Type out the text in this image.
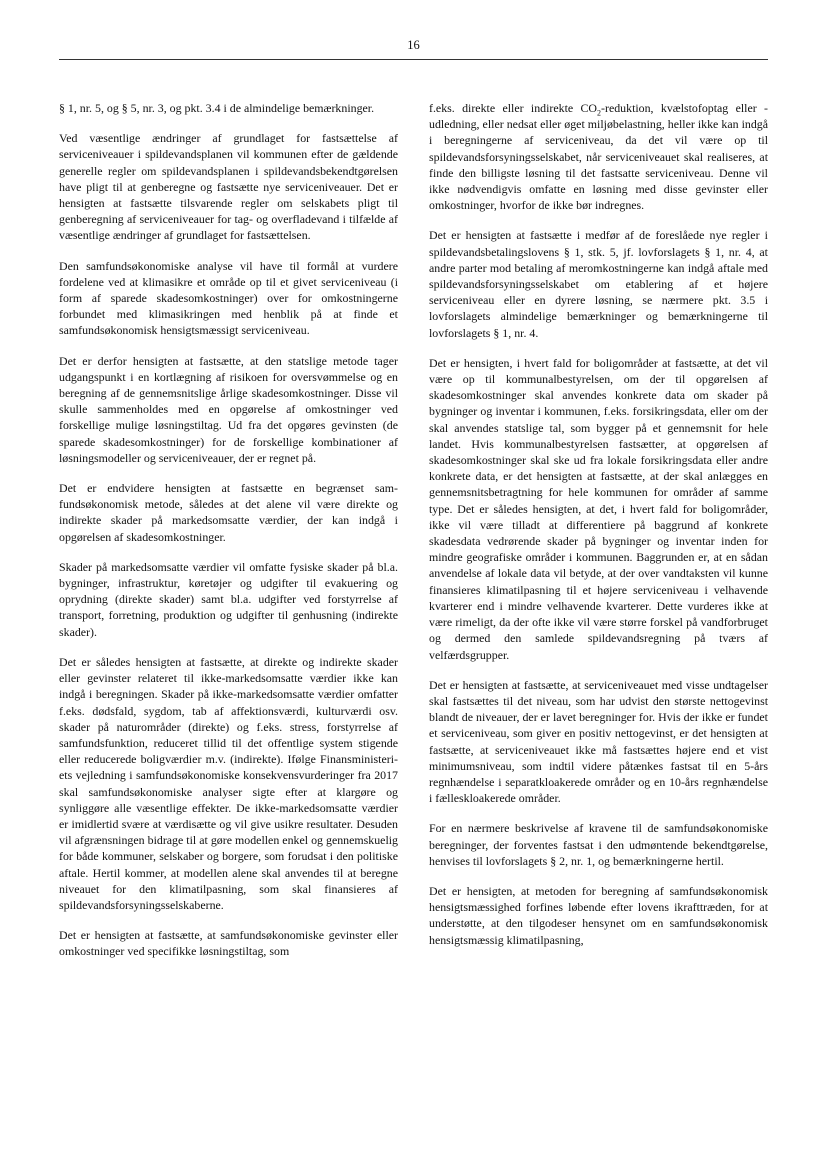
16

§ 1, nr. 5, og § 5, nr. 3, og pkt. 3.4 i de almindelige bemærkninger.

Ved væsentlige ændringer af grundlaget for fastsættelse af serviceniveauer i spildevandsplanen vil kommunen efter de gældende generelle regler om spildevandsplanen i spildevandsbekendtgørelsen have pligt til at genberegne og fastsætte nye serviceniveauer. Det er hensigten at fastsætte tilsvarende regler om selskabets pligt til genberegning af serviceniveauer for tag- og overfladevand i tilfælde af væsentlige ændringer af grundlaget for fastsættelsen.

Den samfundsøkonomiske analyse vil have til formål at vurdere fordelene ved at klimasikre et område op til et givet serviceniveau (i form af sparede skadesomkostninger) over for omkostningerne forbundet med klimasikringen med henblik på at finde et samfundsøkonomisk hensigtsmæssigt serviceniveau.

Det er derfor hensigten at fastsætte, at den statslige metode tager udgangspunkt i en kortlægning af risikoen for oversvømmelse og en beregning af de gennemsnitslige årlige skadesomkostninger. Disse vil skulle sammenholdes med en opgørelse af omkostninger ved forskellige mulige løsningstiltag. Ud fra det opgøres gevinsten (de sparede skadesomkostninger) for de forskellige kombinationer af løsningsmodeller og serviceniveauer, der er regnet på.

Det er endvidere hensigten at fastsætte en begrænset samfundsøkonomisk metode, således at det alene vil være direkte og indirekte skader på markedsomsatte værdier, der kan indgå i opgørelsen af skadesomkostninger.

Skader på markedsomsatte værdier vil omfatte fysiske skader på bl.a. bygninger, infrastruktur, køretøjer og udgifter til evakuering og oprydning (direkte skader) samt bl.a. udgifter ved forstyrrelse af transport, forretning, produktion og udgifter til genhusning (indirekte skader).

Det er således hensigten at fastsætte, at direkte og indirekte skader eller gevinster relateret til ikke-markedsomsatte værdier ikke kan indgå i beregningen. Skader på ikke-markedsomsatte værdier omfatter f.eks. dødsfald, sygdom, tab af affektionsværdi, kulturværdi osv. skader på naturområder (direkte) og f.eks. stress, forstyrrelse af samfundsfunktion, reduceret tillid til det offentlige system stigende eller reducerede boligværdier m.v. (indirekte). Ifølge Finansministeriets vejledning i samfundsøkonomiske konsekvensvurderinger fra 2017 skal samfundsøkonomiske analyser sigte efter at klargøre og synliggøre alle væsentlige effekter. De ikke-markedsomsatte værdier er imidlertid svære at værdisætte og vil give usikre resultater. Desuden vil afgrænsningen bidrage til at gøre modellen enkel og gennemskuelig for både kommuner, selskaber og borgere, som forudsat i den politiske aftale. Hertil kommer, at modellen alene skal anvendes til at beregne niveauet for den klimatilpasning, som skal finansieres af spildevandsforsyningsselskaberne.

Det er hensigten at fastsætte, at samfundsøkonomiske gevinster eller omkostninger ved specifikke løsningstiltag, som

f.eks. direkte eller indirekte $CO_2$-reduktion, kvælstofoptag eller udledning, eller nedsat eller øget miljøbelastning, heller ikke kan indgå i beregningerne af serviceniveau, da det vil være op til spildevandsforsyningsselskabet, når serviceniveauet skal realiseres, at finde den billigste løsning til det fastsatte serviceniveau. Denne vil ikke nødvendigvis omfatte en løsning med disse gevinster eller omkostninger, hvorfor de ikke bør indregnes.

Det er hensigten at fastsætte i medfør af de foreslåede nye regler i spildevandsbetalingslovens § 1, stk. 5, jf. lovforslagets § 1, nr. 4, at andre parter mod betaling af meromkostningerne kan indgå aftale med spildevandsforsyningsselskabet om etablering af et højere serviceniveau eller en dyrere løsning, se nærmere pkt. 3.5 i lovforslagets almindelige bemærkninger og bemærkningerne til lovforslagets § 1, nr. 4.

Det er hensigten, i hvert fald for boligområder at fastsætte, at det vil være op til kommunalbestyrelsen, om der til opgørelsen af skadesomkostninger skal anvendes konkrete data om skader på bygninger og inventar i kommunen, f.eks. forsikringsdata, eller om der skal anvendes statslige tal, som bygger på et gennemsnit for hele landet. Hvis kommunalbestyrelsen fastsætter, at opgørelsen af skadesomkostninger skal ske ud fra lokale forsikringsdata eller andre konkrete data, er det hensigten at fastsætte, at der skal anlægges en gennemsnitsbetragtning for hele kommunen for områder af samme type. Det er således hensigten, at det, i hvert fald for boligområder, ikke vil være tilladt at differentiere på baggrund af konkrete skadesdata vedrørende skader på bygninger og inventar inden for mindre geografiske områder i kommunen. Baggrunden er, at en sådan anvendelse af lokale data vil betyde, at der over vandtaksten vil kunne finansieres klimatilpasning til et højere serviceniveau i velhavende kvarterer end i mindre velhavende kvarterer. Dette vurderes ikke at være rimeligt, da der ofte ikke vil være større forskel på vandforbruget og dermed den samlede spildevandsregning på tværs af velfærdsgrupper.

Det er hensigten at fastsætte, at serviceniveauet med visse undtagelser skal fastsættes til det niveau, som har udvist den største nettogevinst blandt de niveauer, der er lavet beregninger for. Hvis der ikke er fundet et serviceniveau, som giver en positiv nettogevinst, er det hensigten at fastsætte, at serviceniveauet ikke må fastsættes højere end et vist minimumsniveau, som indtil videre påtænkes fastsat til en 5-års regnhændelse i separatkloakerede områder og en 10-års regnhændelse i fælleskloakerede områder.

For en nærmere beskrivelse af kravene til de samfundsøkonomiske beregninger, der forventes fastsat i den udmøntende bekendtgørelse, henvises til lovforslagets § 2, nr. 1, og bemærkningerne hertil.

Det er hensigten, at metoden for beregning af samfundsøkonomisk hensigtsmæssighed forfines løbende efter lovens ikrafttræden, for at understøtte, at den tilgodeser hensynet om en samfundsøkonomisk hensigtsmæssig klimatilpasning,
